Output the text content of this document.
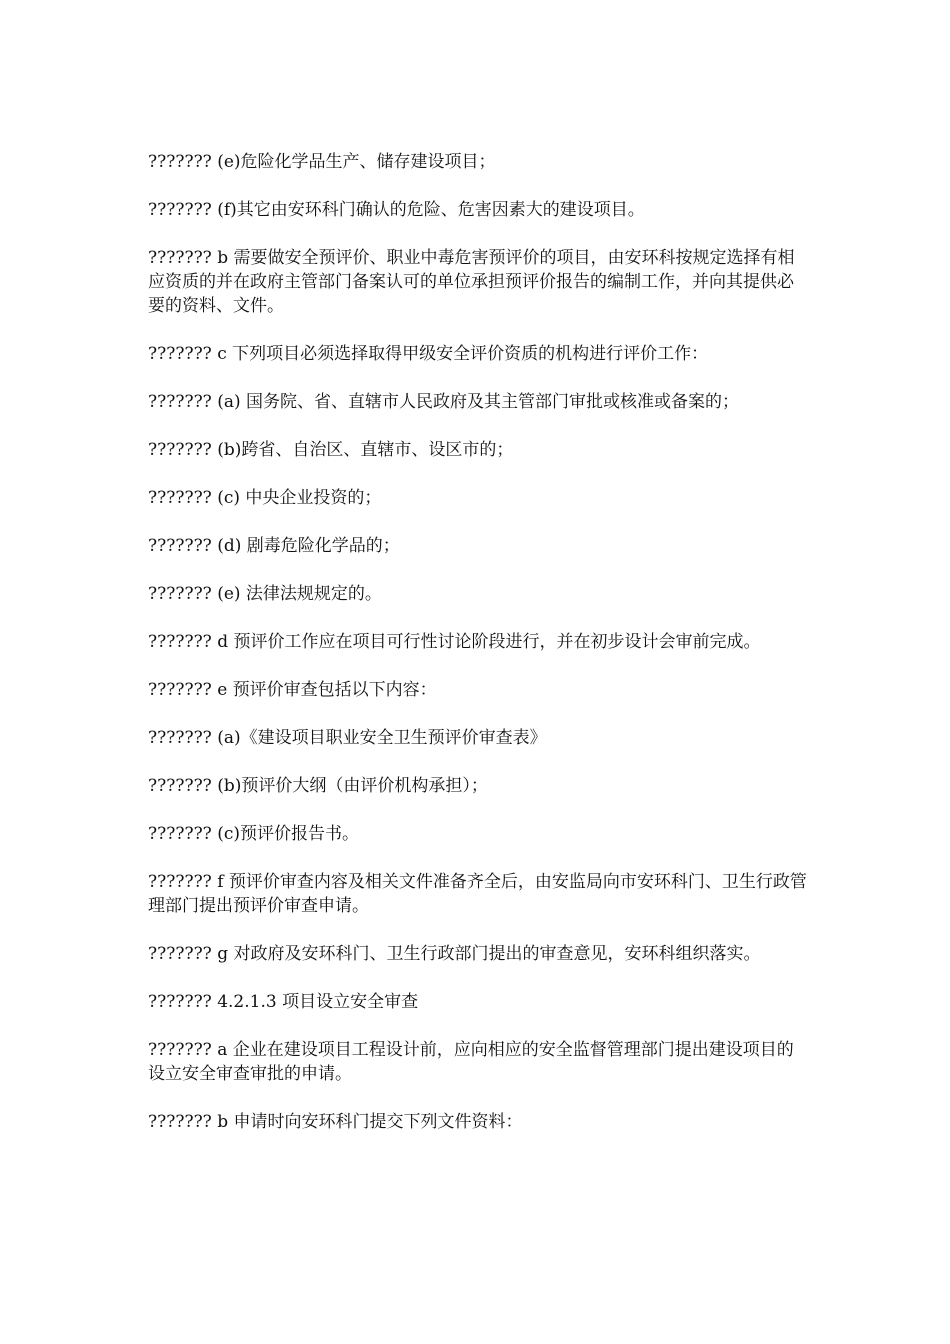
??????? (e)危险化学品生产、储存建设项目；

??????? (f)其它由安环科门确认的危险、危害因素大的建设项目。

??????? b 需要做安全预评价、职业中毒危害预评价的项目，由安环科按规定选择有相应资质的并在政府主管部门备案认可的单位承担预评价报告的编制工作，并向其提供必要的资料、文件。

??????? c 下列项目必须选择取得甲级安全评价资质的机构进行评价工作：

??????? (a) 国务院、省、直辖市人民政府及其主管部门审批或核准或备案的；

??????? (b)跨省、自治区、直辖市、设区市的；

??????? (c) 中央企业投资的；

??????? (d) 剧毒危险化学品的；

??????? (e) 法律法规规定的。

??????? d 预评价工作应在项目可行性讨论阶段进行，并在初步设计会审前完成。

??????? e 预评价审查包括以下内容：

??????? (a)《建设项目职业安全卫生预评价审查表》

??????? (b)预评价大纲（由评价机构承担）；

??????? (c)预评价报告书。

??????? f 预评价审查内容及相关文件准备齐全后，由安监局向市安环科门、卫生行政管理部门提出预评价审查申请。

??????? g 对政府及安环科门、卫生行政部门提出的审查意见，安环科组织落实。

??????? 4.2.1.3 项目设立安全审查

??????? a 企业在建设项目工程设计前，应向相应的安全监督管理部门提出建设项目的设立安全审查审批的申请。

??????? b 申请时向安环科门提交下列文件资料：
